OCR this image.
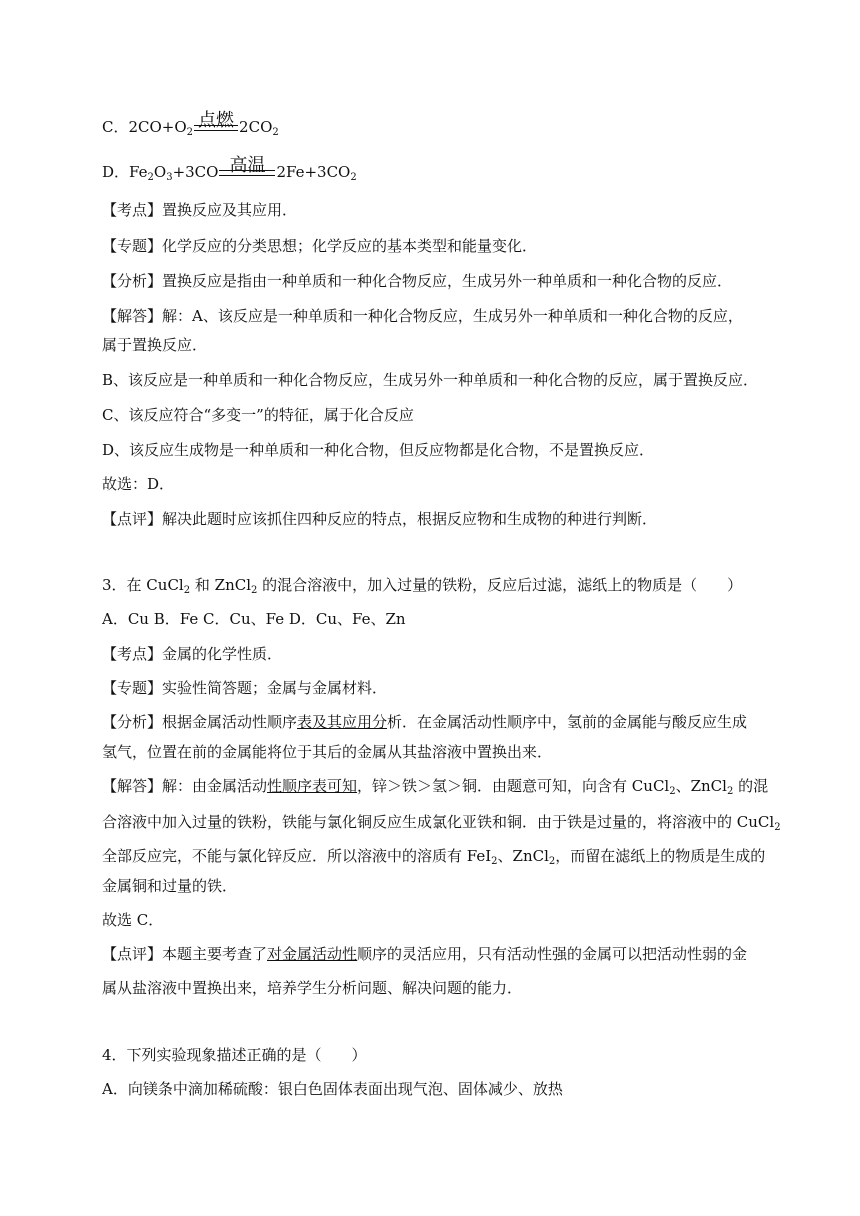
C．$2CO+O_2$
点燃 $2CO_2$
D．$Fe_2O_3+3CO$ 高温 $2Fe+3CO_2$
【考点】置换反应及其应用．
【专题】化学反应的分类思想；化学反应的基本类型和能量变化．
【分析】置换反应是指由一种单质和一种化合物反应，生成另外一种单质和一种化合物的反应．
【解答】解：A、该反应是一种单质和一种化合物反应，生成另外一种单质和一种化合物的反应，
属于置换反应．
B、该反应是一种单质和一种化合物反应，生成另外一种单质和一种化合物的反应，属于置换反应．
C、该反应符合“多变一”的特征，属于化合反应
D、该反应生成物是一种单质和一种化合物，但反应物都是化合物，不是置换反应．
故选：D．
【点评】解决此题时应该抓住四种反应的特点，根据反应物和生成物的种进行判断．
3．在 CuCl$_2$ 和 ZnCl$_2$ 的混合溶液中，加入过量的铁粉，反应后过滤，滤纸上的物质是（　　）
A．Cu B．Fe C．Cu、Fe D．Cu、Fe、Zn
【考点】金属的化学性质．
【专题】实验性简答题；金属与金属材料．
【分析】根据金属活动性顺序表及其应用分析．在金属活动性顺序中，氢前的金属能与酸反应生成
氢气，位置在前的金属能将位于其后的金属从其盐溶液中置换出来．
【解答】解：由金属活动性顺序表可知，锌＞铁＞氢＞铜．由题意可知，向含有 CuCl$_2$、ZnCl$_2$ 的混
合溶液中加入过量的铁粉，铁能与氯化铜反应生成氯化亚铁和铜．由于铁是过量的，将溶液中的 CuCl$_2$
全部反应完，不能与氯化锌反应．所以溶液中的溶质有 FeI$_2$、ZnCl$_2$，而留在滤纸上的物质是生成的
金属铜和过量的铁．
故选 C．
【点评】本题主要考查了对金属活动性顺序的灵活应用，只有活动性强的金属可以把活动性弱的金
属从盐溶液中置换出来，培养学生分析问题、解决问题的能力．
4．下列实验现象描述正确的是（　　）
A．向镁条中滴加稀硫酸：银白色固体表面出现气泡、固体减少、放热
